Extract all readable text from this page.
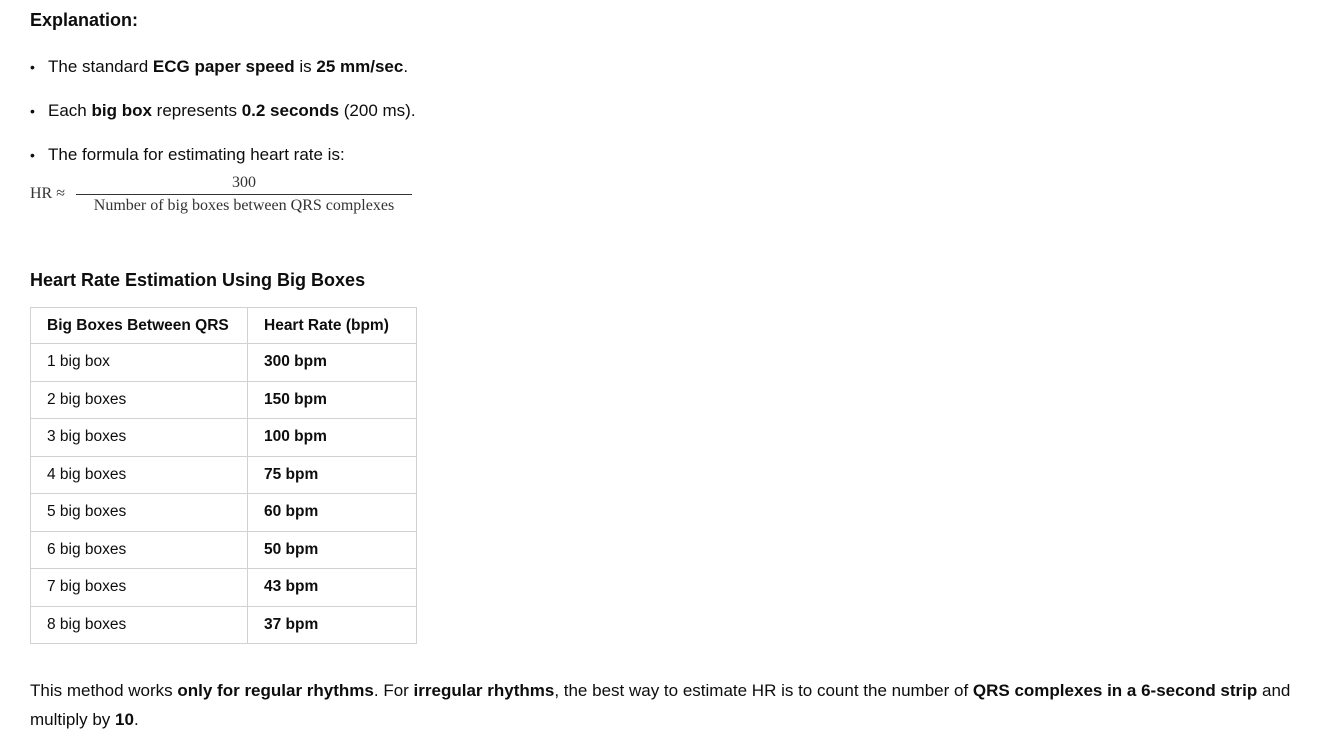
Explanation:

• The standard ECG paper speed is 25 mm/sec.
• Each big box represents 0.2 seconds (200 ms).
• The formula for estimating heart rate is:
HR ≈
300
Number of big boxes between QRS complexes

Heart Rate Estimation Using Big Boxes

Big Boxes Between QRS	Heart Rate (bpm)
1 big box	300 bpm
2 big boxes	150 bpm
3 big boxes	100 bpm
4 big boxes	75 bpm
5 big boxes	60 bpm
6 big boxes	50 bpm
7 big boxes	43 bpm
8 big boxes	37 bpm

This method works only for regular rhythms. For irregular rhythms, the best way to estimate HR is to count the number of QRS complexes in a 6-second strip and multiply by 10.
